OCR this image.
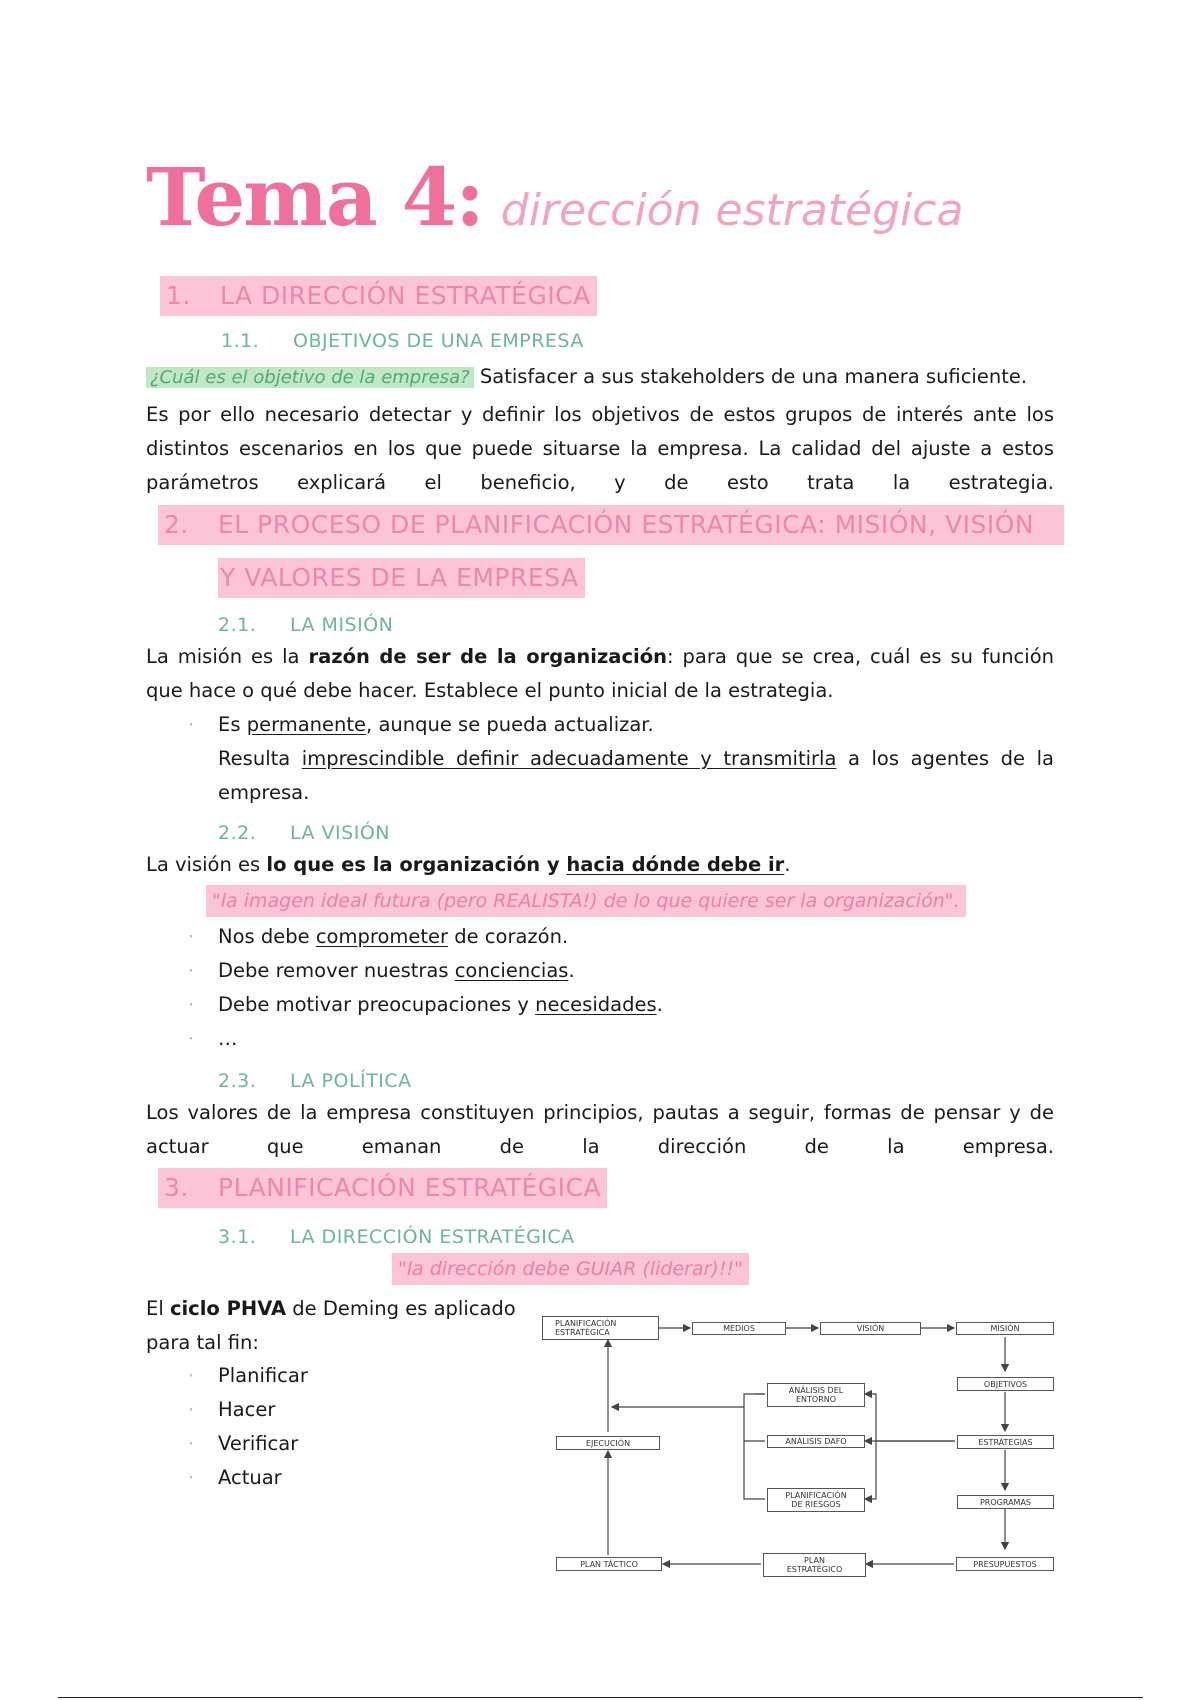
Tema 4: dirección estratégica
1. LA DIRECCIÓN ESTRATÉGICA
1.1. OBJETIVOS DE UNA EMPRESA
¿Cuál es el objetivo de la empresa? Satisfacer a sus stakeholders de una manera suficiente.
Es por ello necesario detectar y definir los objetivos de estos grupos de interés ante los distintos escenarios en los que puede situarse la empresa. La calidad del ajuste a estos parámetros explicará el beneficio, y de esto trata la estrategia.
2. EL PROCESO DE PLANIFICACIÓN ESTRATÉGICA: MISIÓN, VISIÓN
Y VALORES DE LA EMPRESA
2.1. LA MISIÓN
La misión es la razón de ser de la organización: para que se crea, cuál es su función
que hace o qué debe hacer. Establece el punto inicial de la estrategia.
· Es permanente, aunque se pueda actualizar.
Resulta imprescindible definir adecuadamente y transmitirla a los agentes de la
empresa.
2.2. LA VISIÓN
La visión es lo que es la organización y hacia dónde debe ir.
"la imagen ideal futura (pero REALISTA!) de lo que quiere ser la organización".
· Nos debe comprometer de corazón.
· Debe remover nuestras conciencias.
· Debe motivar preocupaciones y necesidades.
· …
2.3. LA POLÍTICA
Los valores de la empresa constituyen principios, pautas a seguir, formas de pensar y de actuar que emanan de la dirección de la empresa.
3. PLANIFICACIÓN ESTRATÉGICA
3.1. LA DIRECCIÓN ESTRATÉGICA
"la dirección debe GUIAR (liderar)!!"
El ciclo PHVA de Deming es aplicado
para tal fin:
· Planificar
· Hacer
· Verificar
· Actuar
PLANIFICACIÓN ESTRATÉGICA	MEDIOS	VISIÓN	MISIÓN
OBJETIVOS
ANÁLISIS DEL ENTORNO
EJECUCIÓN	ANÁLISIS DAFO	ESTRATEGIAS
PLANIFICACIÓN DE RIESGOS	PROGRAMAS
PLAN TÁCTICO	PLAN ESTRATÉGICO
PRESUPUESTOS
